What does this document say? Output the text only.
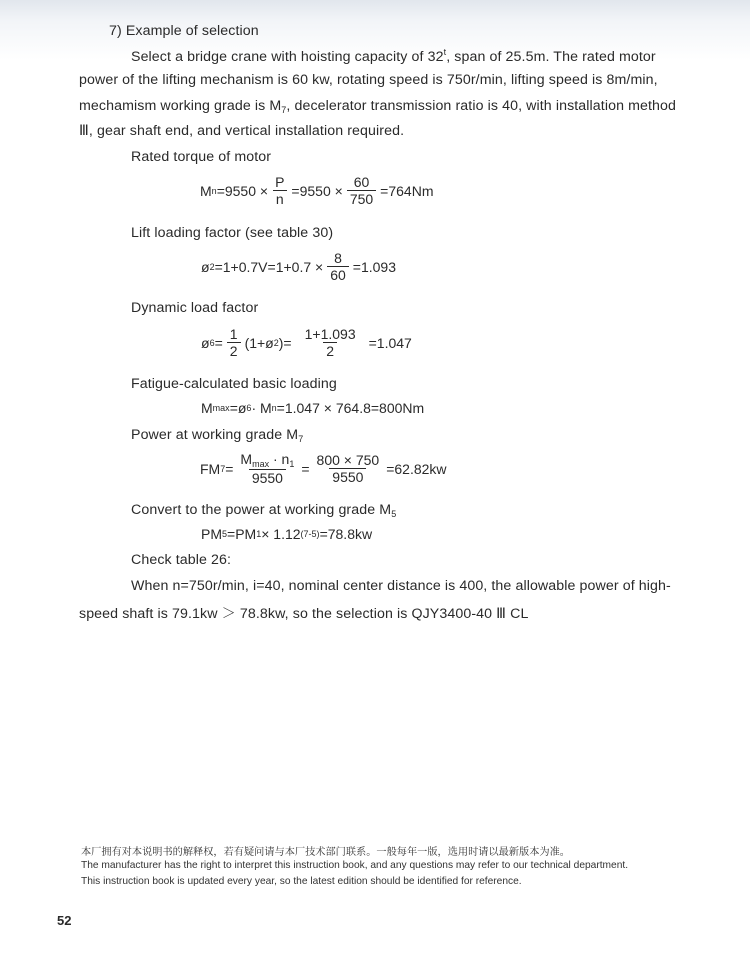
7) Example of selection
Select a bridge crane with hoisting capacity of 32$^t$, span of 25.5m. The rated motor
power of the lifting mechanism is 60 kw, rotating speed is 750r/min, lifting speed is 8m/min,
mechamism working grade is $M_7$, decelerator transmission ratio is 40, with installation method
Ⅲ, gear shaft end, and vertical installation required.
Rated torque of motor
M $n =9550 \times \frac{P}{n} =9550 \times \frac{60}{750} =764Nm$
Lift loading factor (see table 30)
ø $2 =1+0.7V=1+0.7 \times \frac{8}{60} =1.093$
Dynamic load factor
ø $6 = \frac{1}{2}$ (1+ø 2 )= $\frac{1+1.093}{2} =1.047$
Fatigue-calculated basic loading
M max =ø 6 · M n =1.047 × 764.8=800Nm
Power at working grade $M_7$
FM $7 = \frac{M_{max} \cdot n_1}{9550} = \frac{800 \times 750}{9550} =62.82kw$
Convert to the power at working grade $M_5$
PM 5 =PM 1 × 1.12 (7-5) =78.8kw
Check table 26:
When n=750r/min, i=40, nominal center distance is 400, the allowable power of high-
speed shaft is 79.1kw ＞ 78.8kw, so the selection is QJY3400-40 Ⅲ CL
本厂拥有对本说明书的解释权，若有疑问请与本厂技术部门联系。一般每年一版，选用时请以最新版本为准。
The manufacturer has the right to interpret this instruction book, and any questions may refer to our technical department.
This instruction book is updated every year, so the latest edition should be identified for reference.
52
